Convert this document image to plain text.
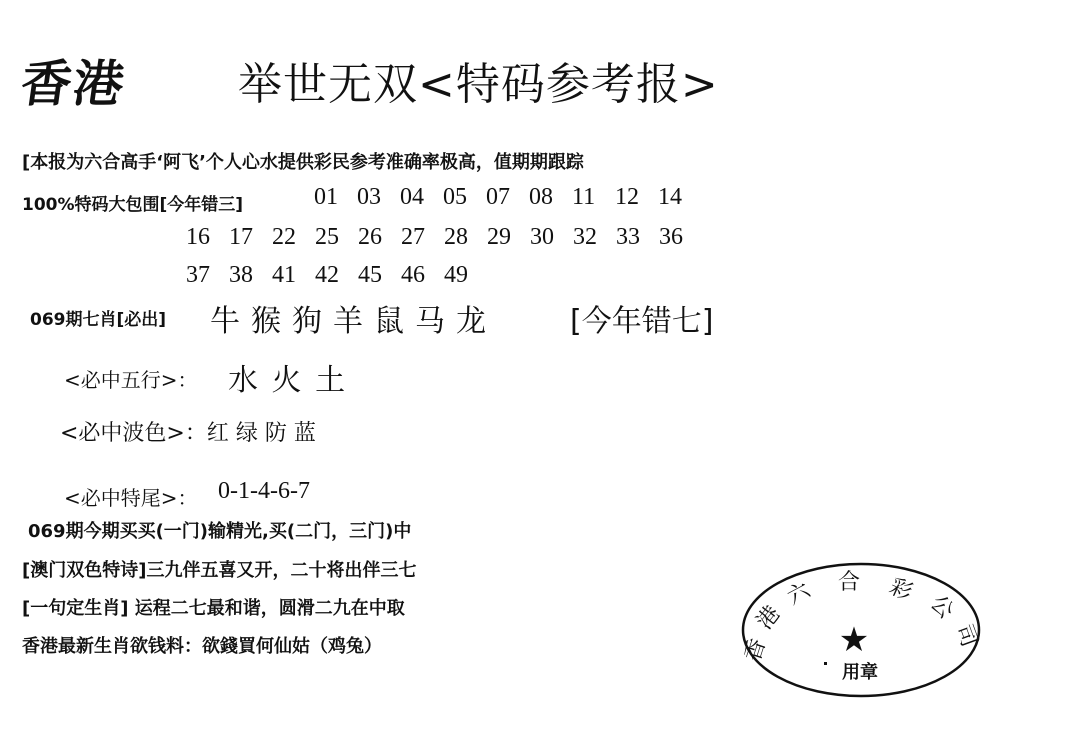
香港 举世无双<特码参考报>
[本报为六合高手‘阿飞’个人心水提供彩民参考准确率极高，值期期跟踪
100%特码大包围[今年错三]	01 03 04 05 07 08 11 12 14
16 17 22 25 26 27 28 29 30 32 33 36
37 38 41 42 45 46 49
069期七肖[必出] 牛猴狗羊鼠马龙 [今年错七]
<必中五行>： 水 火 土
<必中波色>：红 绿 防 蓝
<必中特尾>： 0-1-4-6-7
069期今期买买(一门)输精光,买(二门，三门)中
[澳门双色特诗]三九伴五喜又开，二十将出伴三七
[一句定生肖] 运程二七最和谐，圆滑二九在中取
香港最新生肖欲钱料：欲錢買何仙姑（鸡兔）	★
用章
香
港
六 合 彩
公
司
